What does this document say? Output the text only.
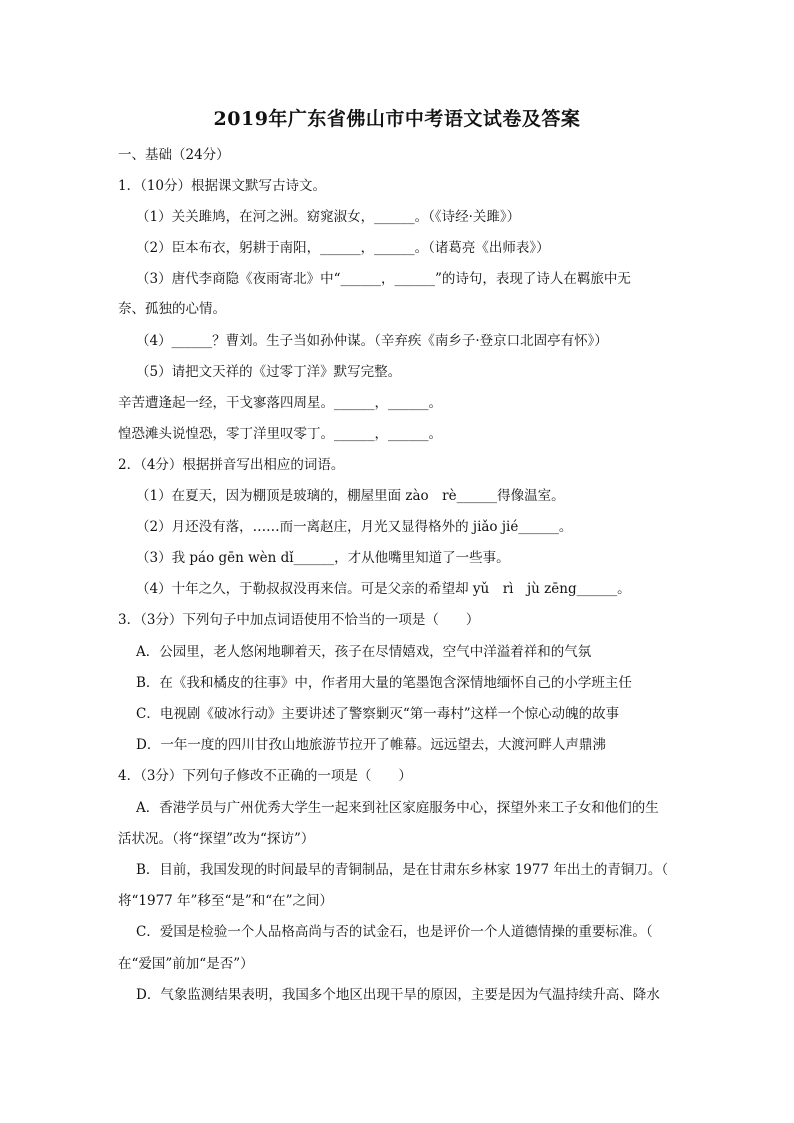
2019年广东省佛山市中考语文试卷及答案
一、基础（24分）
1．（10分）根据课文默写古诗文。
（1）关关雎鸠，在河之洲。窈窕淑女，______。（《诗经·关雎》）
（2）臣本布衣，躬耕于南阳，______，______。（诸葛亮《出师表》）
（3）唐代李商隐《夜雨寄北》中“______，______”的诗句，表现了诗人在羁旅中无
奈、孤独的心情。
（4）______？曹刘。生子当如孙仲谋。（辛弃疾《南乡子·登京口北固亭有怀》）
（5）请把文天祥的《过零丁洋》默写完整。
辛苦遭逢起一经，干戈寥落四周星。______，______。
惶恐滩头说惶恐，零丁洋里叹零丁。______，______。
2．（4分）根据拼音写出相应的词语。
（1）在夏天，因为棚顶是玻璃的，棚屋里面 zào　rè______得像温室。
（2）月还没有落，……而一离赵庄，月光又显得格外的 jiǎo jié______。
（3）我 páo gēn wèn dǐ______，才从他嘴里知道了一些事。
（4）十年之久，于勒叔叔没再来信。可是父亲的希望却 yǔ　rì　jù zēng______。
3．（3分）下列句子中加点词语使用不恰当的一项是（　　）
A．公园里，老人悠闲地聊着天，孩子在尽情嬉戏，空气中洋溢着祥和的气氛
B．在《我和橘皮的往事》中，作者用大量的笔墨饱含深情地缅怀自己的小学班主任
C．电视剧《破冰行动》主要讲述了警察剿灭“第一毒村”这样一个惊心动魄的故事
D．一年一度的四川甘孜山地旅游节拉开了帷幕。远远望去，大渡河畔人声鼎沸
4．（3分）下列句子修改不正确的一项是（　　）
A．香港学员与广州优秀大学生一起来到社区家庭服务中心，探望外来工子女和他们的生
活状况。（将“探望”改为“探访”）
B．目前，我国发现的时间最早的青铜制品，是在甘肃东乡林家 1977 年出土的青铜刀。（
将“1977 年”移至“是”和“在”之间）
C．爱国是检验一个人品格高尚与否的试金石，也是评价一个人道德情操的重要标准。（
在“爱国”前加“是否”）
D．气象监测结果表明，我国多个地区出现干旱的原因，主要是因为气温持续升高、降水
